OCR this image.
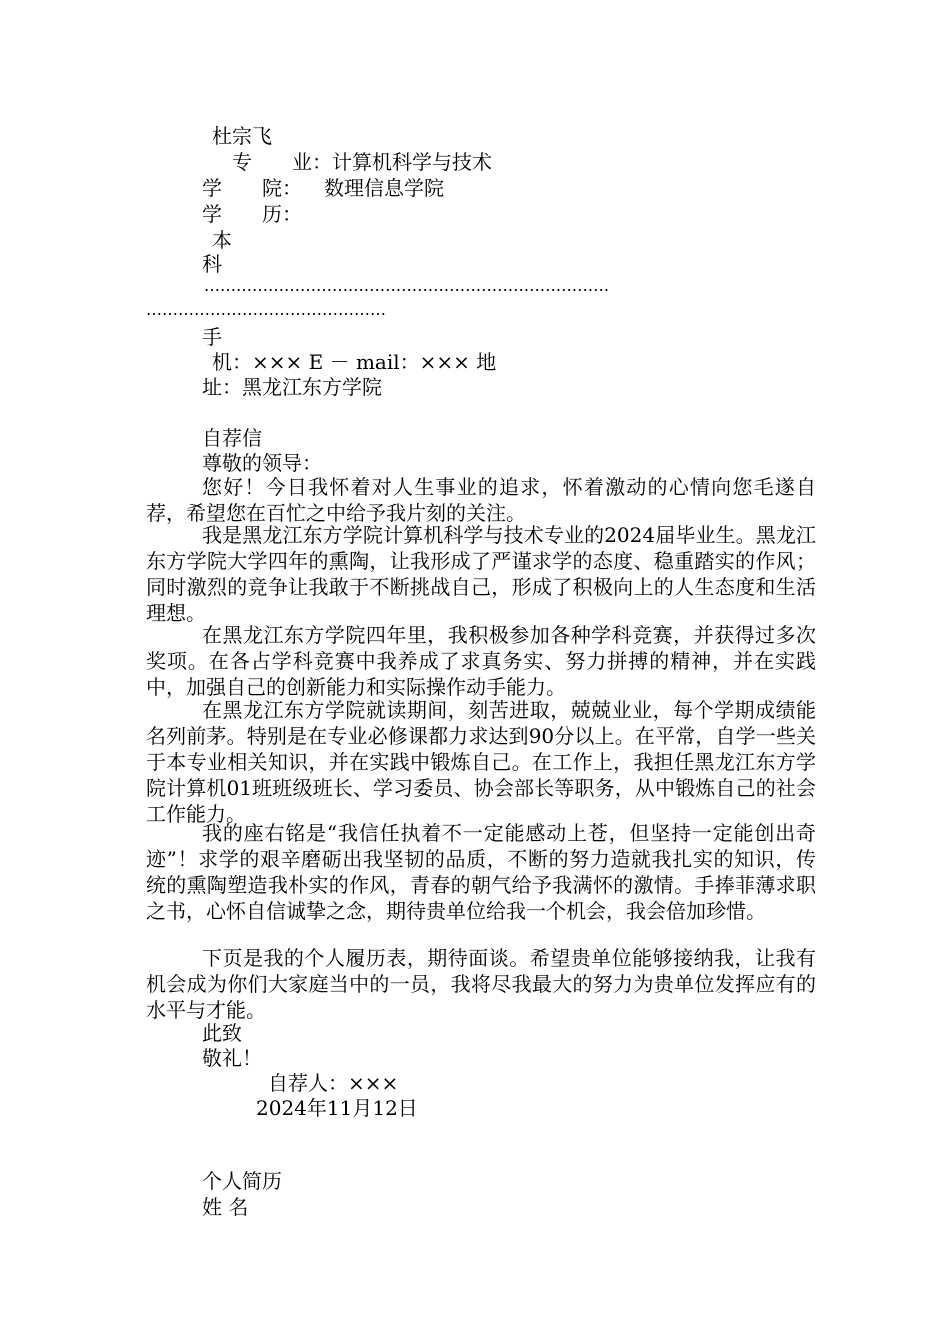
杜宗飞
专　　业：计算机科学与技术
学　　院： 数理信息学院
学　　历：
本
科
……………………….…………………………………………
………………………………………
手
机：××× E － mail：××× 地
址：黑龙江东方学院
自荐信
尊敬的领导：
您好！今日我怀着对人生事业的追求，怀着激动的心情向您毛遂自荐，希望您在百忙之中给予我片刻的关注。
我是黑龙江东方学院计算机科学与技术专业的2024届毕业生。黑龙江东方学院大学四年的熏陶，让我形成了严谨求学的态度、稳重踏实的作风；同时激烈的竞争让我敢于不断挑战自己，形成了积极向上的人生态度和生活理想。
在黑龙江东方学院四年里，我积极参加各种学科竞赛，并获得过多次奖项。在各占学科竞赛中我养成了求真务实、努力拼搏的精神，并在实践中，加强自己的创新能力和实际操作动手能力。
在黑龙江东方学院就读期间，刻苦进取，兢兢业业，每个学期成绩能名列前茅。特别是在专业必修课都力求达到90分以上。在平常，自学一些关于本专业相关知识，并在实践中锻炼自己。在工作上，我担任黑龙江东方学院计算机01班班级班长、学习委员、协会部长等职务，从中锻炼自己的社会工作能力。
我的座右铭是“我信任执着不一定能感动上苍，但坚持一定能创出奇迹”！求学的艰辛磨砺出我坚韧的品质，不断的努力造就我扎实的知识，传统的熏陶塑造我朴实的作风，青春的朝气给予我满怀的激情。手捧菲薄求职之书，心怀自信诚挚之念，期待贵单位给我一个机会，我会倍加珍惜。
下页是我的个人履历表，期待面谈。希望贵单位能够接纳我，让我有机会成为你们大家庭当中的一员，我将尽我最大的努力为贵单位发挥应有的水平与才能。
此致
敬礼！
自荐人：×××
2024年11月12日
个人简历
姓 名
